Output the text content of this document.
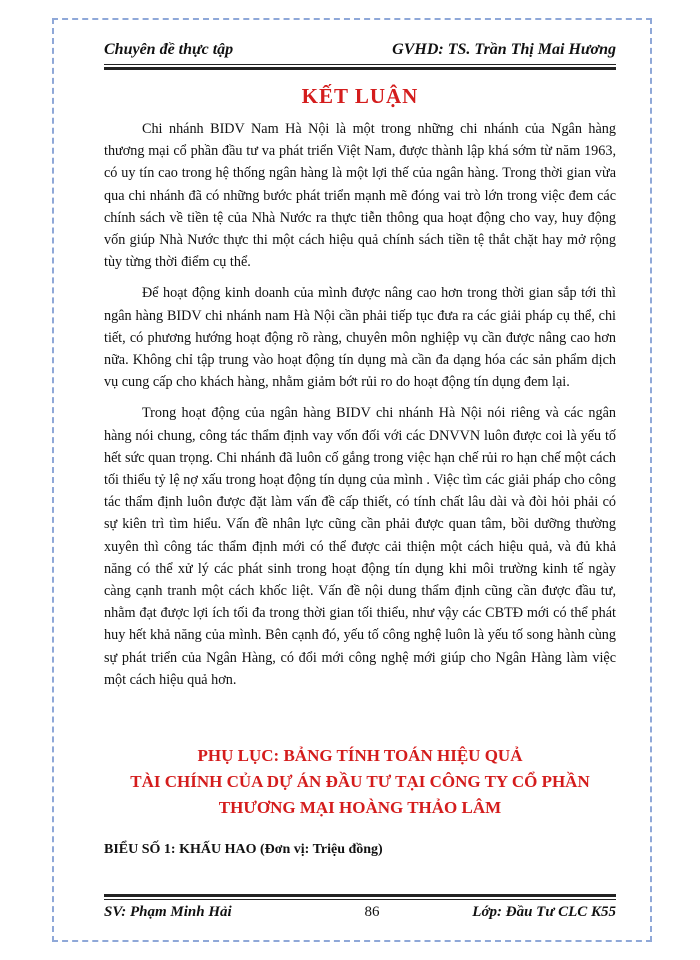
Chuyên đề thực tập	GVHD: TS. Trần Thị Mai Hương
KẾT LUẬN

Chi nhánh BIDV Nam Hà Nội là một trong những chi nhánh của Ngân hàng thương mại cổ phần đầu tư va phát triển Việt Nam, được thành lập khá sớm từ năm 1963, có uy tín cao trong hệ thống ngân hàng là một lợi thế của ngân hàng. Trong thời gian vừa qua chi nhánh đã có những bước phát triển mạnh mẽ đóng vai trò lớn trong việc đem các chính sách về tiền tệ của Nhà Nước ra thực tiễn thông qua hoạt động cho vay, huy động vốn giúp Nhà Nước thực thi một cách hiệu quả chính sách tiền tệ thắt chặt hay mở rộng tùy từng thời điểm cụ thể.

Để hoạt động kinh doanh của mình được nâng cao hơn trong thời gian sắp tới thì ngân hàng BIDV chi nhánh nam Hà Nội cần phải tiếp tục đưa ra các giải pháp cụ thể, chi tiết, có phương hướng hoạt động rõ ràng, chuyên môn nghiệp vụ cần được nâng cao hơn nữa. Không chỉ tập trung vào hoạt động tín dụng mà cần đa dạng hóa các sản phẩm dịch vụ cung cấp cho khách hàng, nhằm giảm bớt rủi ro do hoạt động tín dụng đem lại.

Trong hoạt động của ngân hàng BIDV chi nhánh Hà Nội nói riêng và các ngân hàng nói chung, công tác thẩm định vay vốn đối với các DNVVN luôn được coi là yếu tố hết sức quan trọng. Chi nhánh đã luôn cố gắng trong việc hạn chế rủi ro hạn chế một cách tối thiểu tỷ lệ nợ xấu trong hoạt động tín dụng của mình . Việc tìm các giải pháp cho công tác thẩm định luôn được đặt làm vấn đề cấp thiết, có tính chất lâu dài và đòi hỏi phải có sự kiên trì tìm hiểu. Vấn đề nhân lực cũng cần phải được quan tâm, bồi dưỡng thường xuyên thì công tác thẩm định mới có thể được cải thiện một cách hiệu quả, và đủ khả năng có thể xử lý các phát sinh trong hoạt động tín dụng khi môi trường kinh tế ngày càng cạnh tranh một cách khốc liệt. Vấn đề nội dung thẩm định cũng cần được đầu tư, nhằm đạt được lợi ích tối đa trong thời gian tối thiểu, như vậy các CBTĐ mới có thể phát huy hết khả năng của mình. Bên cạnh đó, yếu tố công nghệ luôn là yếu tố song hành cùng sự phát triển của Ngân Hàng, có đổi mới công nghệ mới giúp cho Ngân Hàng làm việc một cách hiệu quả hơn.

PHỤ LỤC: BẢNG TÍNH TOÁN HIỆU QUẢ
TÀI CHÍNH CỦA DỰ ÁN ĐẦU TƯ TẠI CÔNG TY CỔ PHẦN
THƯƠNG MẠI HOÀNG THẢO LÂM
BIỂU SỐ 1: KHẤU HAO (Đơn vị: Triệu đồng)
SV: Phạm Minh Hải	86	Lớp: Đầu Tư CLC K55
